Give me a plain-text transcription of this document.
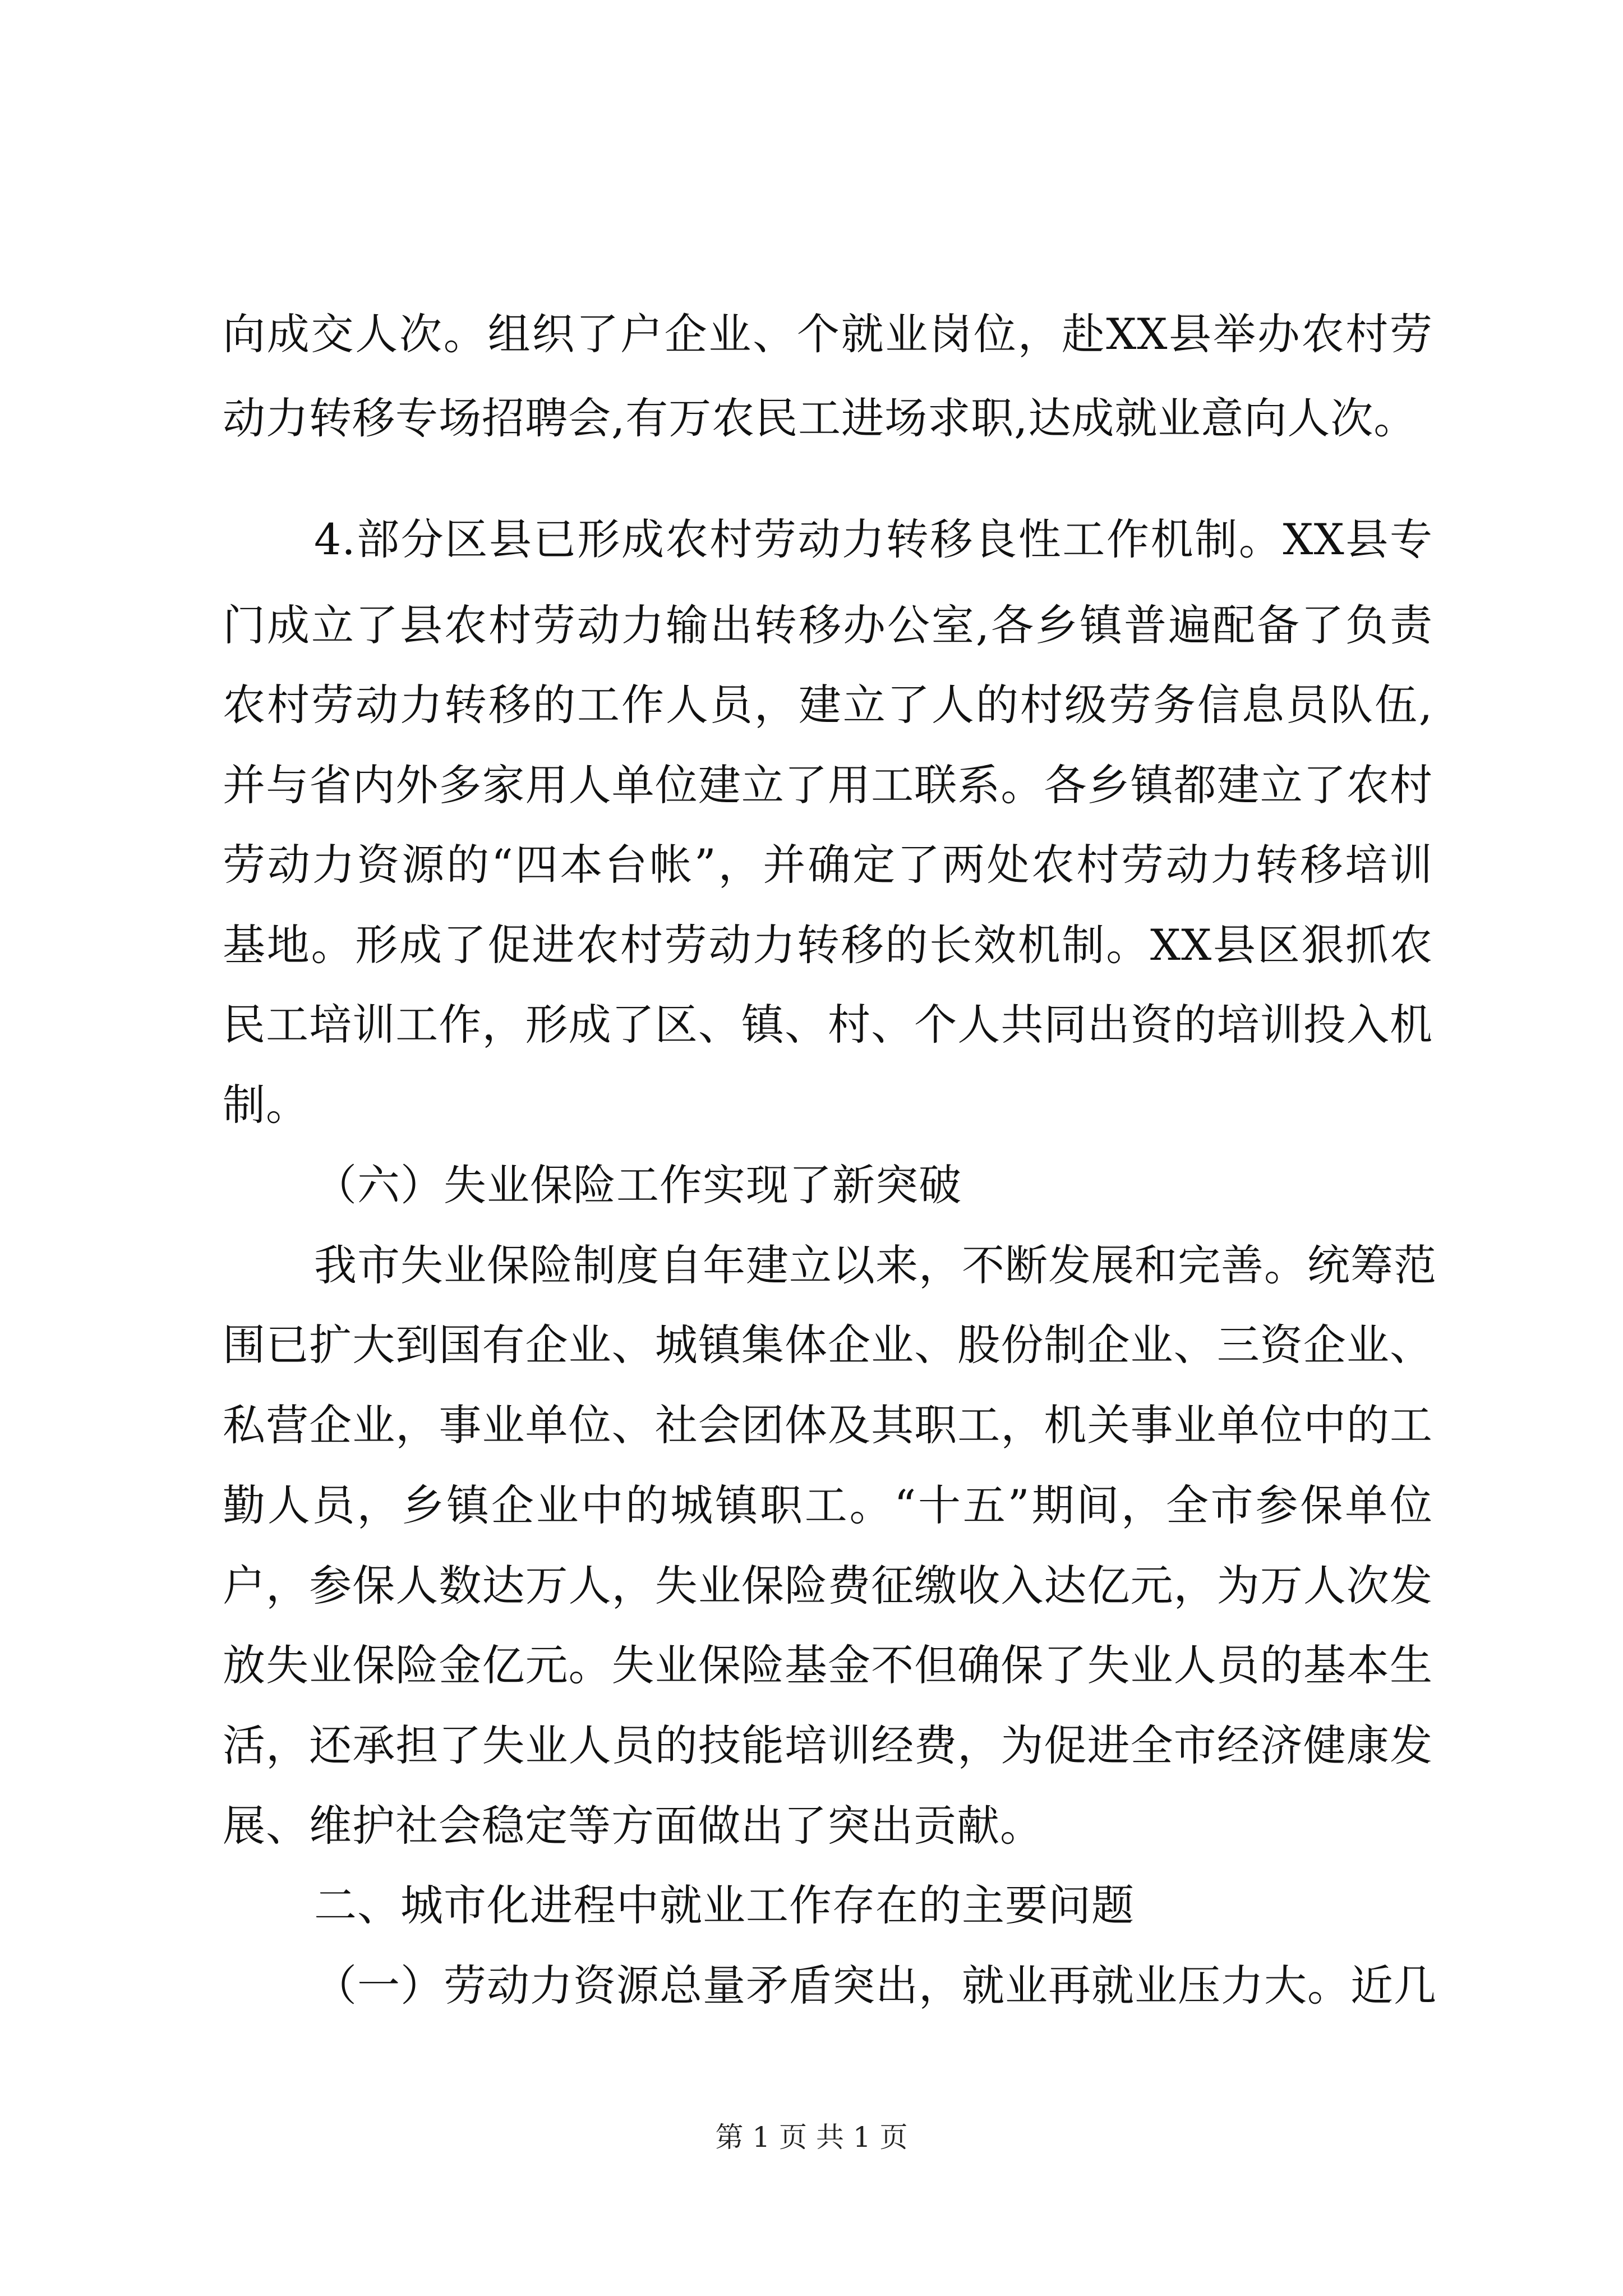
向成交人次。组织了户企业、个就业岗位，赴XX县举办农村劳
动力转移专场招聘会,有万农民工进场求职,达成就业意向人次。
4.部分区县已形成农村劳动力转移良性工作机制。XX县专
门成立了县农村劳动力输出转移办公室,各乡镇普遍配备了负责
农村劳动力转移的工作人员，建立了人的村级劳务信息员队伍,
并与省内外多家用人单位建立了用工联系。各乡镇都建立了农村
劳动力资源的“四本台帐”，并确定了两处农村劳动力转移培训
基地。形成了促进农村劳动力转移的长效机制。XX县区狠抓农
民工培训工作，形成了区、镇、村、个人共同出资的培训投入机
制。
（六）失业保险工作实现了新突破
我市失业保险制度自年建立以来，不断发展和完善。统筹范
围已扩大到国有企业、城镇集体企业、股份制企业、三资企业、
私营企业，事业单位、社会团体及其职工，机关事业单位中的工
勤人员，乡镇企业中的城镇职工。“十五”期间，全市参保单位
户，参保人数达万人，失业保险费征缴收入达亿元，为万人次发
放失业保险金亿元。失业保险基金不但确保了失业人员的基本生
活，还承担了失业人员的技能培训经费，为促进全市经济健康发
展、维护社会稳定等方面做出了突出贡献。
二、城市化进程中就业工作存在的主要问题
（一）劳动力资源总量矛盾突出，就业再就业压力大。近几
第 1 页 共 1 页
